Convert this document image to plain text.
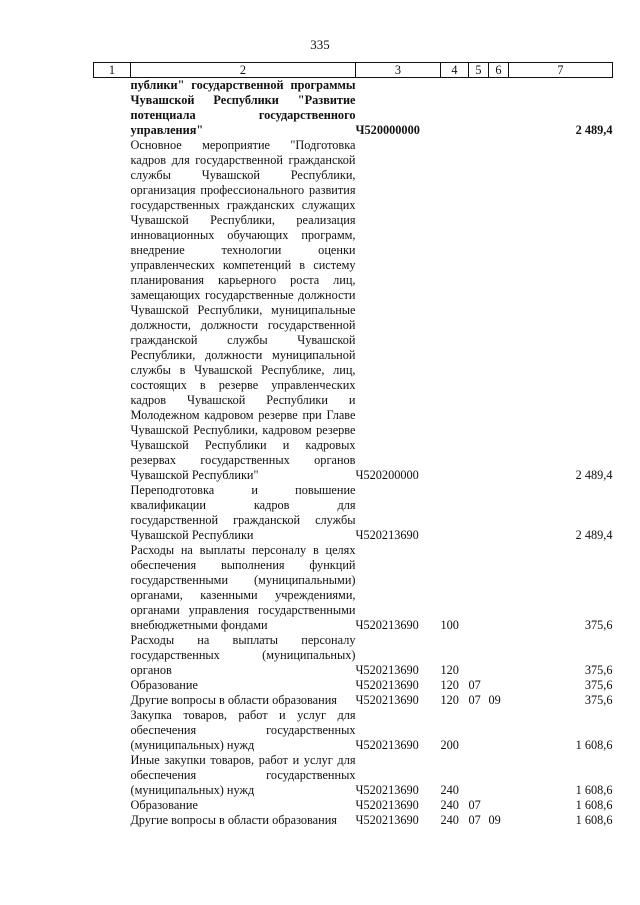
335
1	2	3	4	5	6	7
	публики" государственной программы Чувашской Республики "Развитие потенциала государственного управления"	Ч520000000				2 489,4
	Основное мероприятие "Подготовка кадров для государственной гражданской службы Чувашской Республики, организация профессионального развития государственных гражданских служащих Чувашской Республики, реализация инновационных обучающих программ, внедрение технологии оценки управленческих компетенций в систему планирования карьерного роста лиц, замещающих государственные должности Чувашской Республики, муниципальные должности, должности государственной гражданской службы Чувашской Республики, должности муниципальной службы в Чувашской Республике, лиц, состоящих в резерве управленческих кадров Чувашской Республики и Молодежном кадровом резерве при Главе Чувашской Республики, кадровом резерве Чувашской Республики и кадровых резервах государственных органов Чувашской Республики"	Ч520200000				2 489,4
	Переподготовка и повышение квалификации кадров для государственной гражданской службы Чувашской Республики	Ч520213690				2 489,4
	Расходы на выплаты персоналу в целях обеспечения выполнения функций государственными (муниципальными) органами, казенными учреждениями, органами управления государственными внебюджетными фондами	Ч520213690	100			375,6
	Расходы на выплаты персоналу государственных (муниципальных) органов	Ч520213690	120			375,6
	Образование	Ч520213690	120	07		375,6
	Другие вопросы в области образования	Ч520213690	120	07	09	375,6
	Закупка товаров, работ и услуг для обеспечения государственных (муниципальных) нужд	Ч520213690	200			1 608,6
	Иные закупки товаров, работ и услуг для обеспечения государственных (муниципальных) нужд	Ч520213690	240			1 608,6
	Образование	Ч520213690	240	07		1 608,6
	Другие вопросы в области образования	Ч520213690	240	07	09	1 608,6
